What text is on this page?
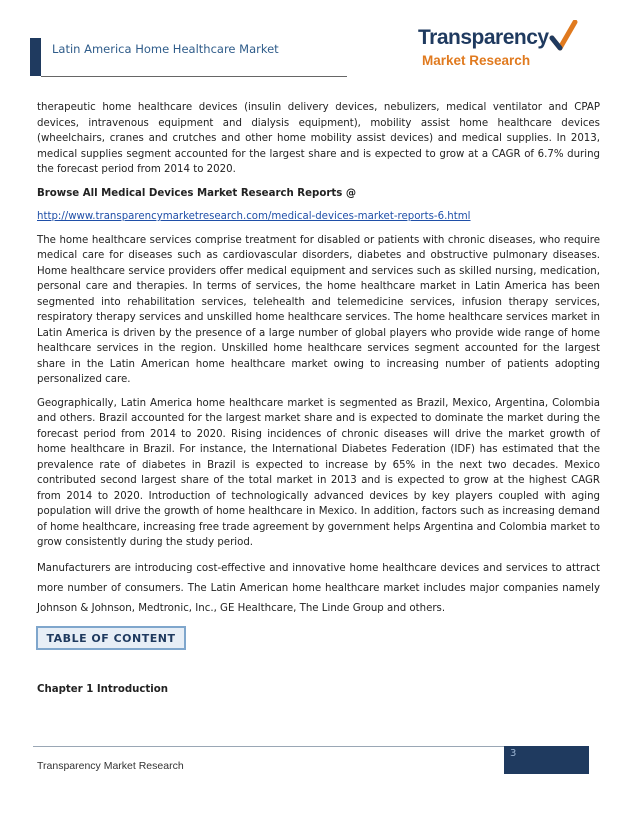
Latin America Home Healthcare Market	Transparency
Market Research

therapeutic home healthcare devices (insulin delivery devices, nebulizers, medical ventilator and CPAP devices, intravenous equipment and dialysis equipment), mobility assist home healthcare devices (wheelchairs, cranes and crutches and other home mobility assist devices) and medical supplies. In 2013, medical supplies segment accounted for the largest share and is expected to grow at a CAGR of 6.7% during the forecast period from 2014 to 2020.

Browse All Medical Devices Market Research Reports @

http://www.transparencymarketresearch.com/medical-devices-market-reports-6.html

The home healthcare services comprise treatment for disabled or patients with chronic diseases, who require medical care for diseases such as cardiovascular disorders, diabetes and obstructive pulmonary diseases. Home healthcare service providers offer medical equipment and services such as skilled nursing, medication, personal care and therapies. In terms of services, the home healthcare market in Latin America has been segmented into rehabilitation services, telehealth and telemedicine services, infusion therapy services, respiratory therapy services and unskilled home healthcare services. The home healthcare services market in Latin America is driven by the presence of a large number of global players who provide wide range of home healthcare services in the region. Unskilled home healthcare services segment accounted for the largest share in the Latin American home healthcare market owing to increasing number of patients adopting personalized care.

Geographically, Latin America home healthcare market is segmented as Brazil, Mexico, Argentina, Colombia and others. Brazil accounted for the largest market share and is expected to dominate the market during the forecast period from 2014 to 2020. Rising incidences of chronic diseases will drive the market growth of home healthcare in Brazil. For instance, the International Diabetes Federation (IDF) has estimated that the prevalence rate of diabetes in Brazil is expected to increase by 65% in the next two decades. Mexico contributed second largest share of the total market in 2013 and is expected to grow at the highest CAGR from 2014 to 2020. Introduction of technologically advanced devices by key players coupled with aging population will drive the growth of home healthcare in Mexico. In addition, factors such as increasing demand of home healthcare, increasing free trade agreement by government helps Argentina and Colombia market to grow consistently during the study period.

Manufacturers are introducing cost-effective and innovative home healthcare devices and services to attract more number of consumers. The Latin American home healthcare market includes major companies namely Johnson & Johnson, Medtronic, Inc., GE Healthcare, The Linde Group and others.

TABLE OF CONTENT
Chapter 1 Introduction
3
Transparency Market Research
